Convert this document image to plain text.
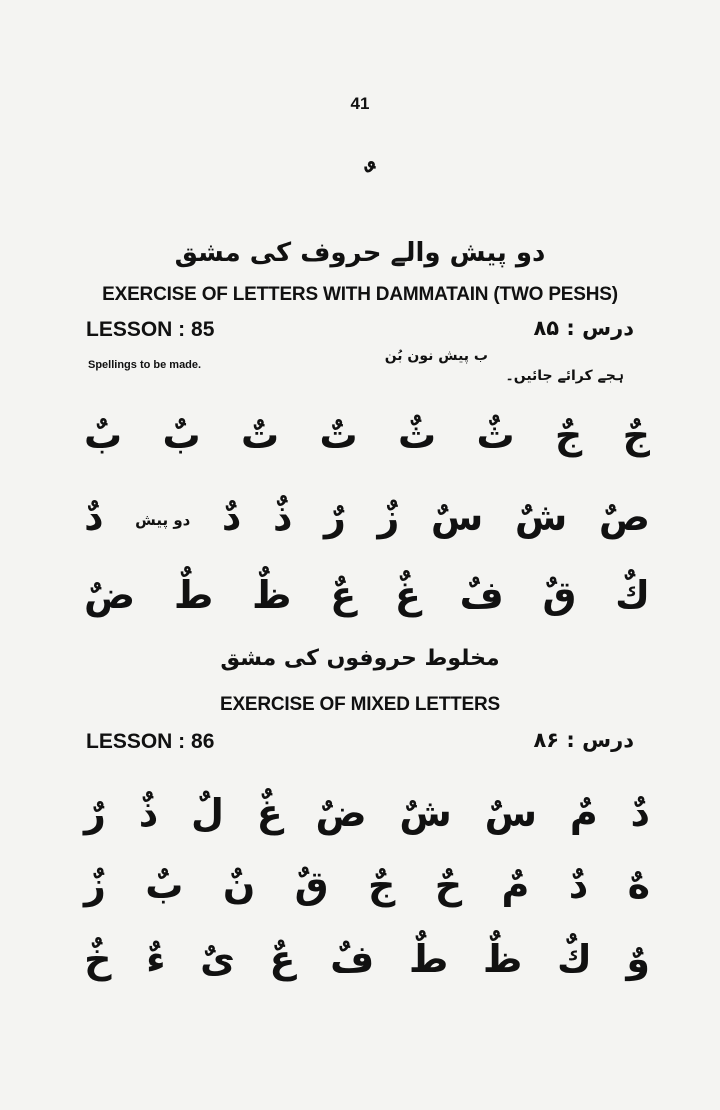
41
دو پیش والے حروف کی مشق
EXERCISE OF LETTERS WITH DAMMATAIN (TWO PESHS)
LESSON : 85	درس : ۸۵
Spellings to be made.
ہجے کرائے جائیں۔
ب پیش نون بُن
بٌ بٌ تٌ تٌ ثٌ ثٌ جٌ جٌ
دٌ دو پیش دٌ ذٌ رٌ زٌ سٌ شٌ صٌ
ضٌ طٌ ظٌ عٌ غٌ فٌ قٌ كٌ
مخلوط حروفوں کی مشق
EXERCISE OF MIXED LETTERS
LESSON : 86	درس : ۸۶
رٌ ذٌ لٌ غٌ ضٌ شٌ سٌ مٌ دٌ
زٌ بٌ نٌ قٌ جٌ حٌ مٌ دٌ هٌ
خٌ ءٌ ىٌ عٌ فٌ طٌ ظٌ كٌ وٌ
